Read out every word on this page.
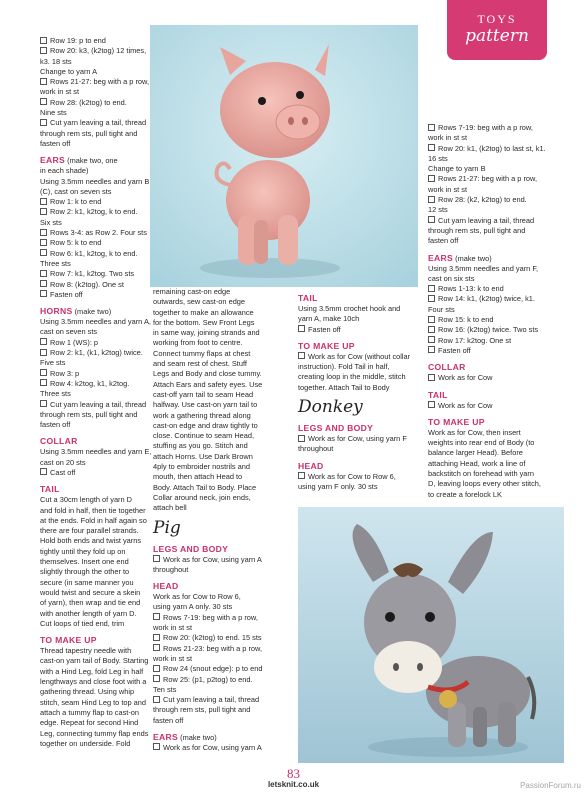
TOYS
pattern
Row 19: p to end
Row 20: k3, (k2tog) 12 times,
k3. 18 sts
Change to yarn A
Rows 21-27: beg with a p row,
work in st st
Row 28: (k2tog) to end.
Nine sts
Cut yarn leaving a tail, thread
through rem sts, pull tight and
fasten off
EARS (make two, one
in each shade)
Using 3.5mm needles and yarn B
(C), cast on seven sts
Row 1: k to end
Row 2: k1, k2tog, k to end.
Six sts
Rows 3-4: as Row 2. Four sts
Row 5: k to end
Row 6: k1, k2tog, k to end.
Three sts
Row 7: k1, k2tog. Two sts
Row 8: (k2tog). One st
Fasten off
HORNS (make two)
Using 3.5mm needles and yarn A,
cast on seven sts
Row 1 (WS): p
Row 2: k1, (k1, k2tog) twice.
Five sts
Row 3: p
Row 4: k2tog, k1, k2tog.
Three sts
Cut yarn leaving a tail, thread
through rem sts, pull tight and
fasten off
COLLAR
Using 3.5mm needles and yarn E,
cast on 20 sts
Cast off
TAIL
Cut a 30cm length of yarn D
and fold in half, then tie together
at the ends. Fold in half again so
there are four parallel strands.
Hold both ends and twist yarns
tightly until they fold up on
themselves. Insert one end
slightly through the other to
secure (in same manner you
would twist and secure a skein
of yarn), then wrap and tie end
with another length of yarn D.
Cut loops of tied end, trim
TO MAKE UP
Thread tapestry needle with
cast-on yarn tail of Body. Starting
with a Hind Leg, fold Leg in half
lengthways and close foot with a
gathering thread. Using whip
stitch, seam Hind Leg to top and
attach a tummy flap to cast-on
edge. Repeat for second Hind
Leg, connecting tummy flap ends
together on underside. Fold
remaining cast-on edge
outwards, sew cast-on edge
together to make an allowance
for the bottom. Sew Front Legs
in same way, joining strands and
working from foot to centre.
Connect tummy flaps at chest
and seam rest of chest. Stuff
Legs and Body and close tummy.
Attach Ears and safety eyes. Use
cast-off yarn tail to seam Head
halfway. Use cast-on yarn tail to
work a gathering thread along
cast-on edge and draw tightly to
close. Continue to seam Head,
stuffing as you go. Stitch and
attach Horns. Use Dark Brown
4ply to embroider nostrils and
mouth, then attach Head to
Body. Attach Tail to Body. Place
Collar around neck, join ends,
attach bell
Pig
LEGS AND BODY
Work as for Cow, using yarn A
throughout
HEAD
Work as for Cow to Row 6,
using yarn A only. 30 sts
Rows 7-19: beg with a p row,
work in st st
Row 20: (k2tog) to end. 15 sts
Rows 21-23: beg with a p row,
work in st st
Row 24 (snout edge): p to end
Row 25: (p1, p2tog) to end.
Ten sts
Cut yarn leaving a tail, thread
through rem sts, pull tight and
fasten off
EARS (make two)
Work as for Cow, using yarn A
TAIL
Using 3.5mm crochet hook and
yarn A, make 10ch
Fasten off
TO MAKE UP
Work as for Cow (without collar
instruction). Fold Tail in half,
creating loop in the middle, stitch
together. Attach Tail to Body
Donkey
LEGS AND BODY
Work as for Cow, using yarn F
throughout
HEAD
Work as for Cow to Row 6,
using yarn F only. 30 sts
Rows 7-19: beg with a p row,
work in st st
Row 20: k1, (k2tog) to last st, k1.
16 sts
Change to yarn B
Rows 21-27: beg with a p row,
work in st st
Row 28: (k2, k2tog) to end.
12 sts
Cut yarn leaving a tail, thread
through rem sts, pull tight and
fasten off
EARS (make two)
Using 3.5mm needles and yarn F,
cast on six sts
Rows 1-13: k to end
Row 14: k1, (k2tog) twice, k1.
Four sts
Row 15: k to end
Row 16: (k2tog) twice. Two sts
Row 17: k2tog. One st
Fasten off
COLLAR
Work as for Cow
TAIL
Work as for Cow
TO MAKE UP
Work as for Cow, then insert
weights into rear end of Body (to
balance larger Head). Before
attaching Head, work a line of
backstitch on forehead with yarn
D, leaving loops every other stitch,
to create a forelock LK
83
letsknit.co.uk	PassionForum.ru
